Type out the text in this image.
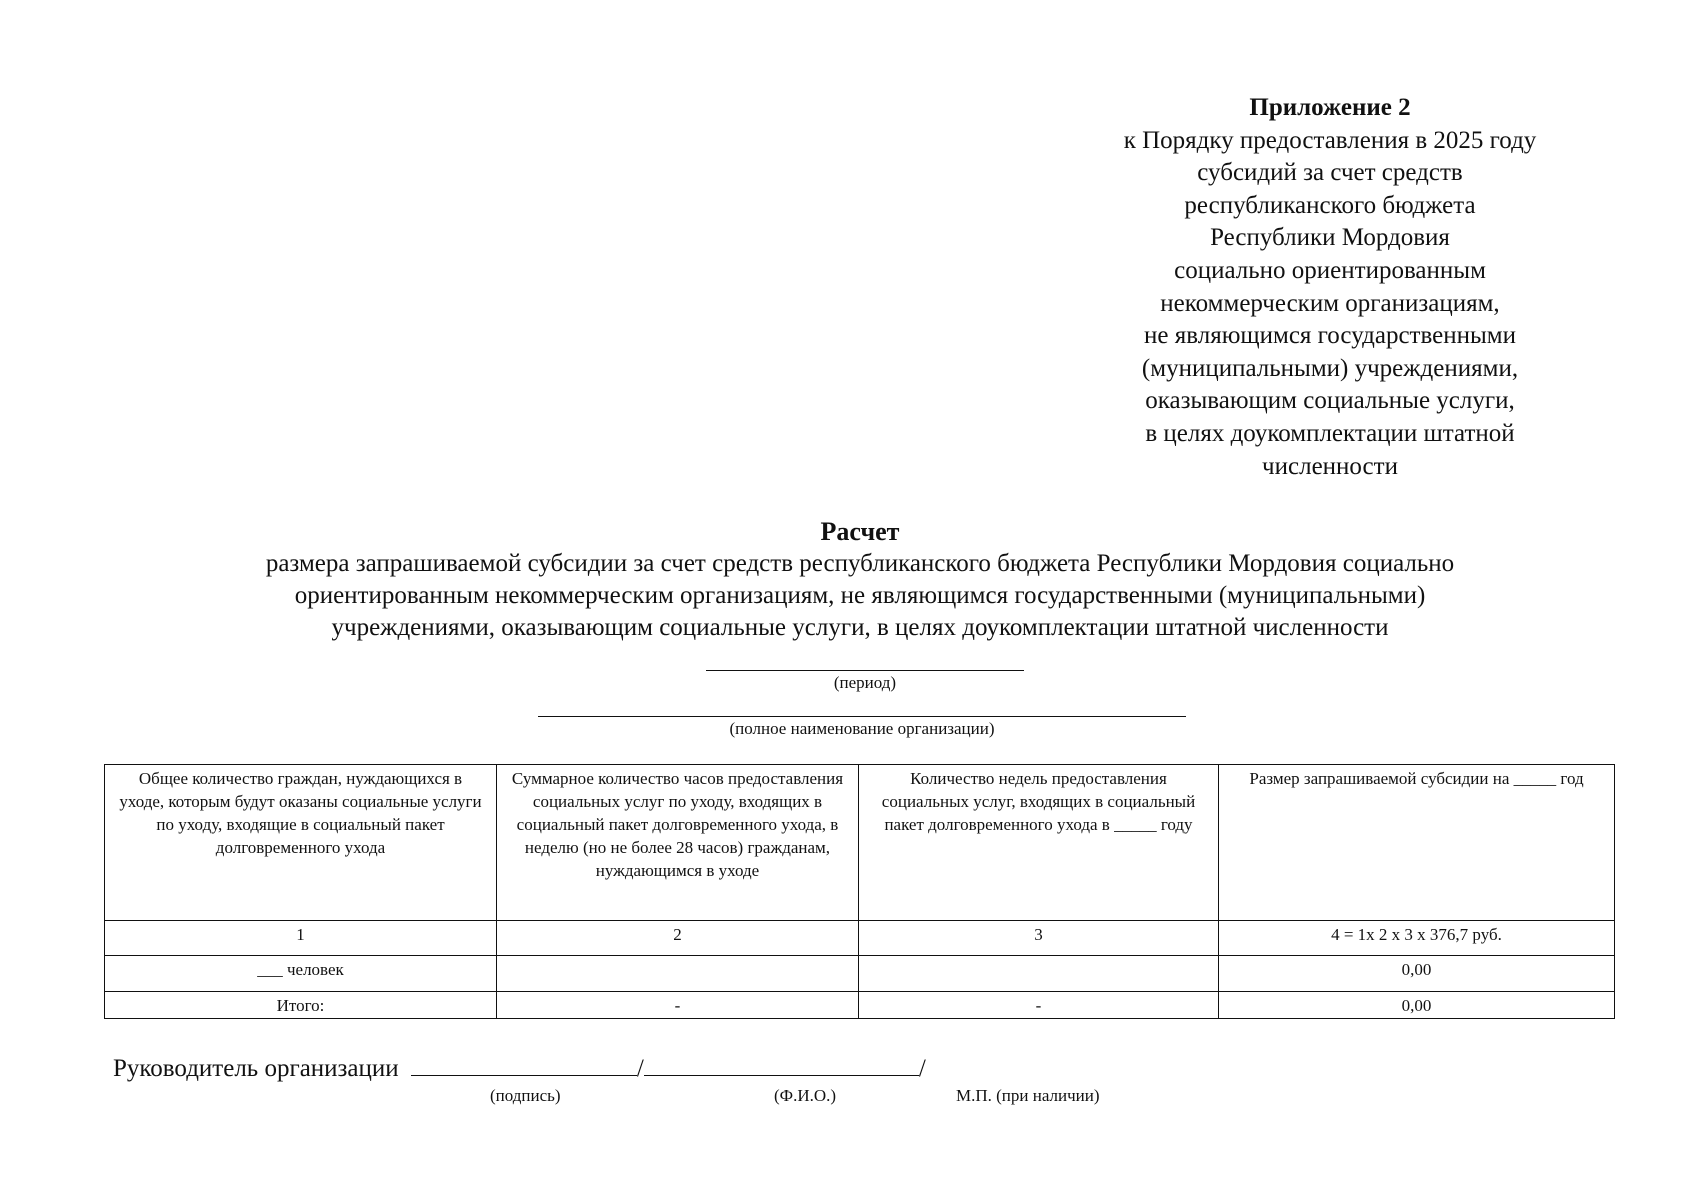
Приложение 2
к Порядку предоставления в 2025 году
субсидий за счет средств
республиканского бюджета
Республики Мордовия
социально ориентированным
некоммерческим организациям,
не являющимся государственными
(муниципальными) учреждениями,
оказывающим социальные услуги,
в целях доукомплектации штатной
численности
Расчет
размера запрашиваемой субсидии за счет средств республиканского бюджета Республики Мордовия социально
ориентированным некоммерческим организациям, не являющимся государственными (муниципальными)
учреждениями, оказывающим социальные услуги, в целях доукомплектации штатной численности
(период)
(полное наименование организации)
Общее количество граждан, нуждающихся в уходе, которым будут оказаны социальные услуги по уходу, входящие в социальный пакет долговременного ухода	Суммарное количество часов предоставления социальных услуг по уходу, входящих в социальный пакет долговременного ухода, в неделю (но не более 28 часов) гражданам, нуждающимся в уходе	Количество недель предоставления социальных услуг, входящих в социальный пакет долговременного ухода в _____ году	Размер запрашиваемой субсидии на _____ год
1	2	3	4 = 1х 2 х 3 х 376,7 руб.
___ человек			0,00
Итого:	-	-	0,00
Руководитель организации	/	/
(подпись)	(Ф.И.О.)	М.П. (при наличии)
